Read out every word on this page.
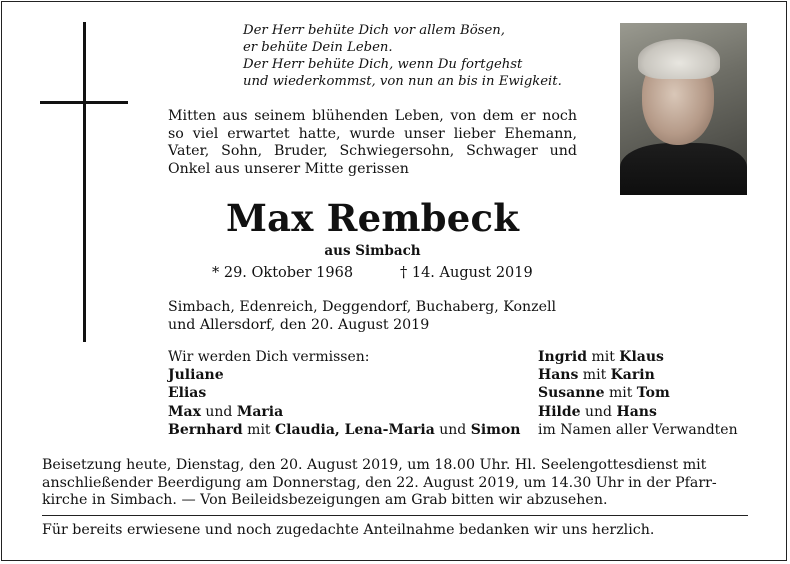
Der Herr behüte Dich vor allem Bösen,
er behüte Dein Leben.
Der Herr behüte Dich, wenn Du fortgehst
und wiederkommst, von nun an bis in Ewigkeit.
Mitten aus seinem blühenden Leben, von dem er noch so viel erwartet hatte, wurde unser lieber Ehemann, Vater, Sohn, Bruder, Schwiegersohn, Schwager und Onkel aus unserer Mitte gerissen
Max Rembeck
aus Simbach
* 29. Oktober 1968	† 14. August 2019
Simbach, Edenreich, Deggendorf, Buchaberg, Konzell
und Allersdorf, den 20. August 2019
Wir werden Dich vermissen:
Juliane
Elias
Max und Maria
Bernhard mit Claudia, Lena-Maria und Simon
Ingrid mit Klaus
Hans mit Karin
Susanne mit Tom
Hilde und Hans
im Namen aller Verwandten
Beisetzung heute, Dienstag, den 20. August 2019, um 18.00 Uhr. Hl. Seelengottesdienst mit
anschließender Beerdigung am Donnerstag, den 22. August 2019, um 14.30 Uhr in der Pfarr-
kirche in Simbach. — Von Beileidsbezeigungen am Grab bitten wir abzusehen.
Für bereits erwiesene und noch zugedachte Anteilnahme bedanken wir uns herzlich.
